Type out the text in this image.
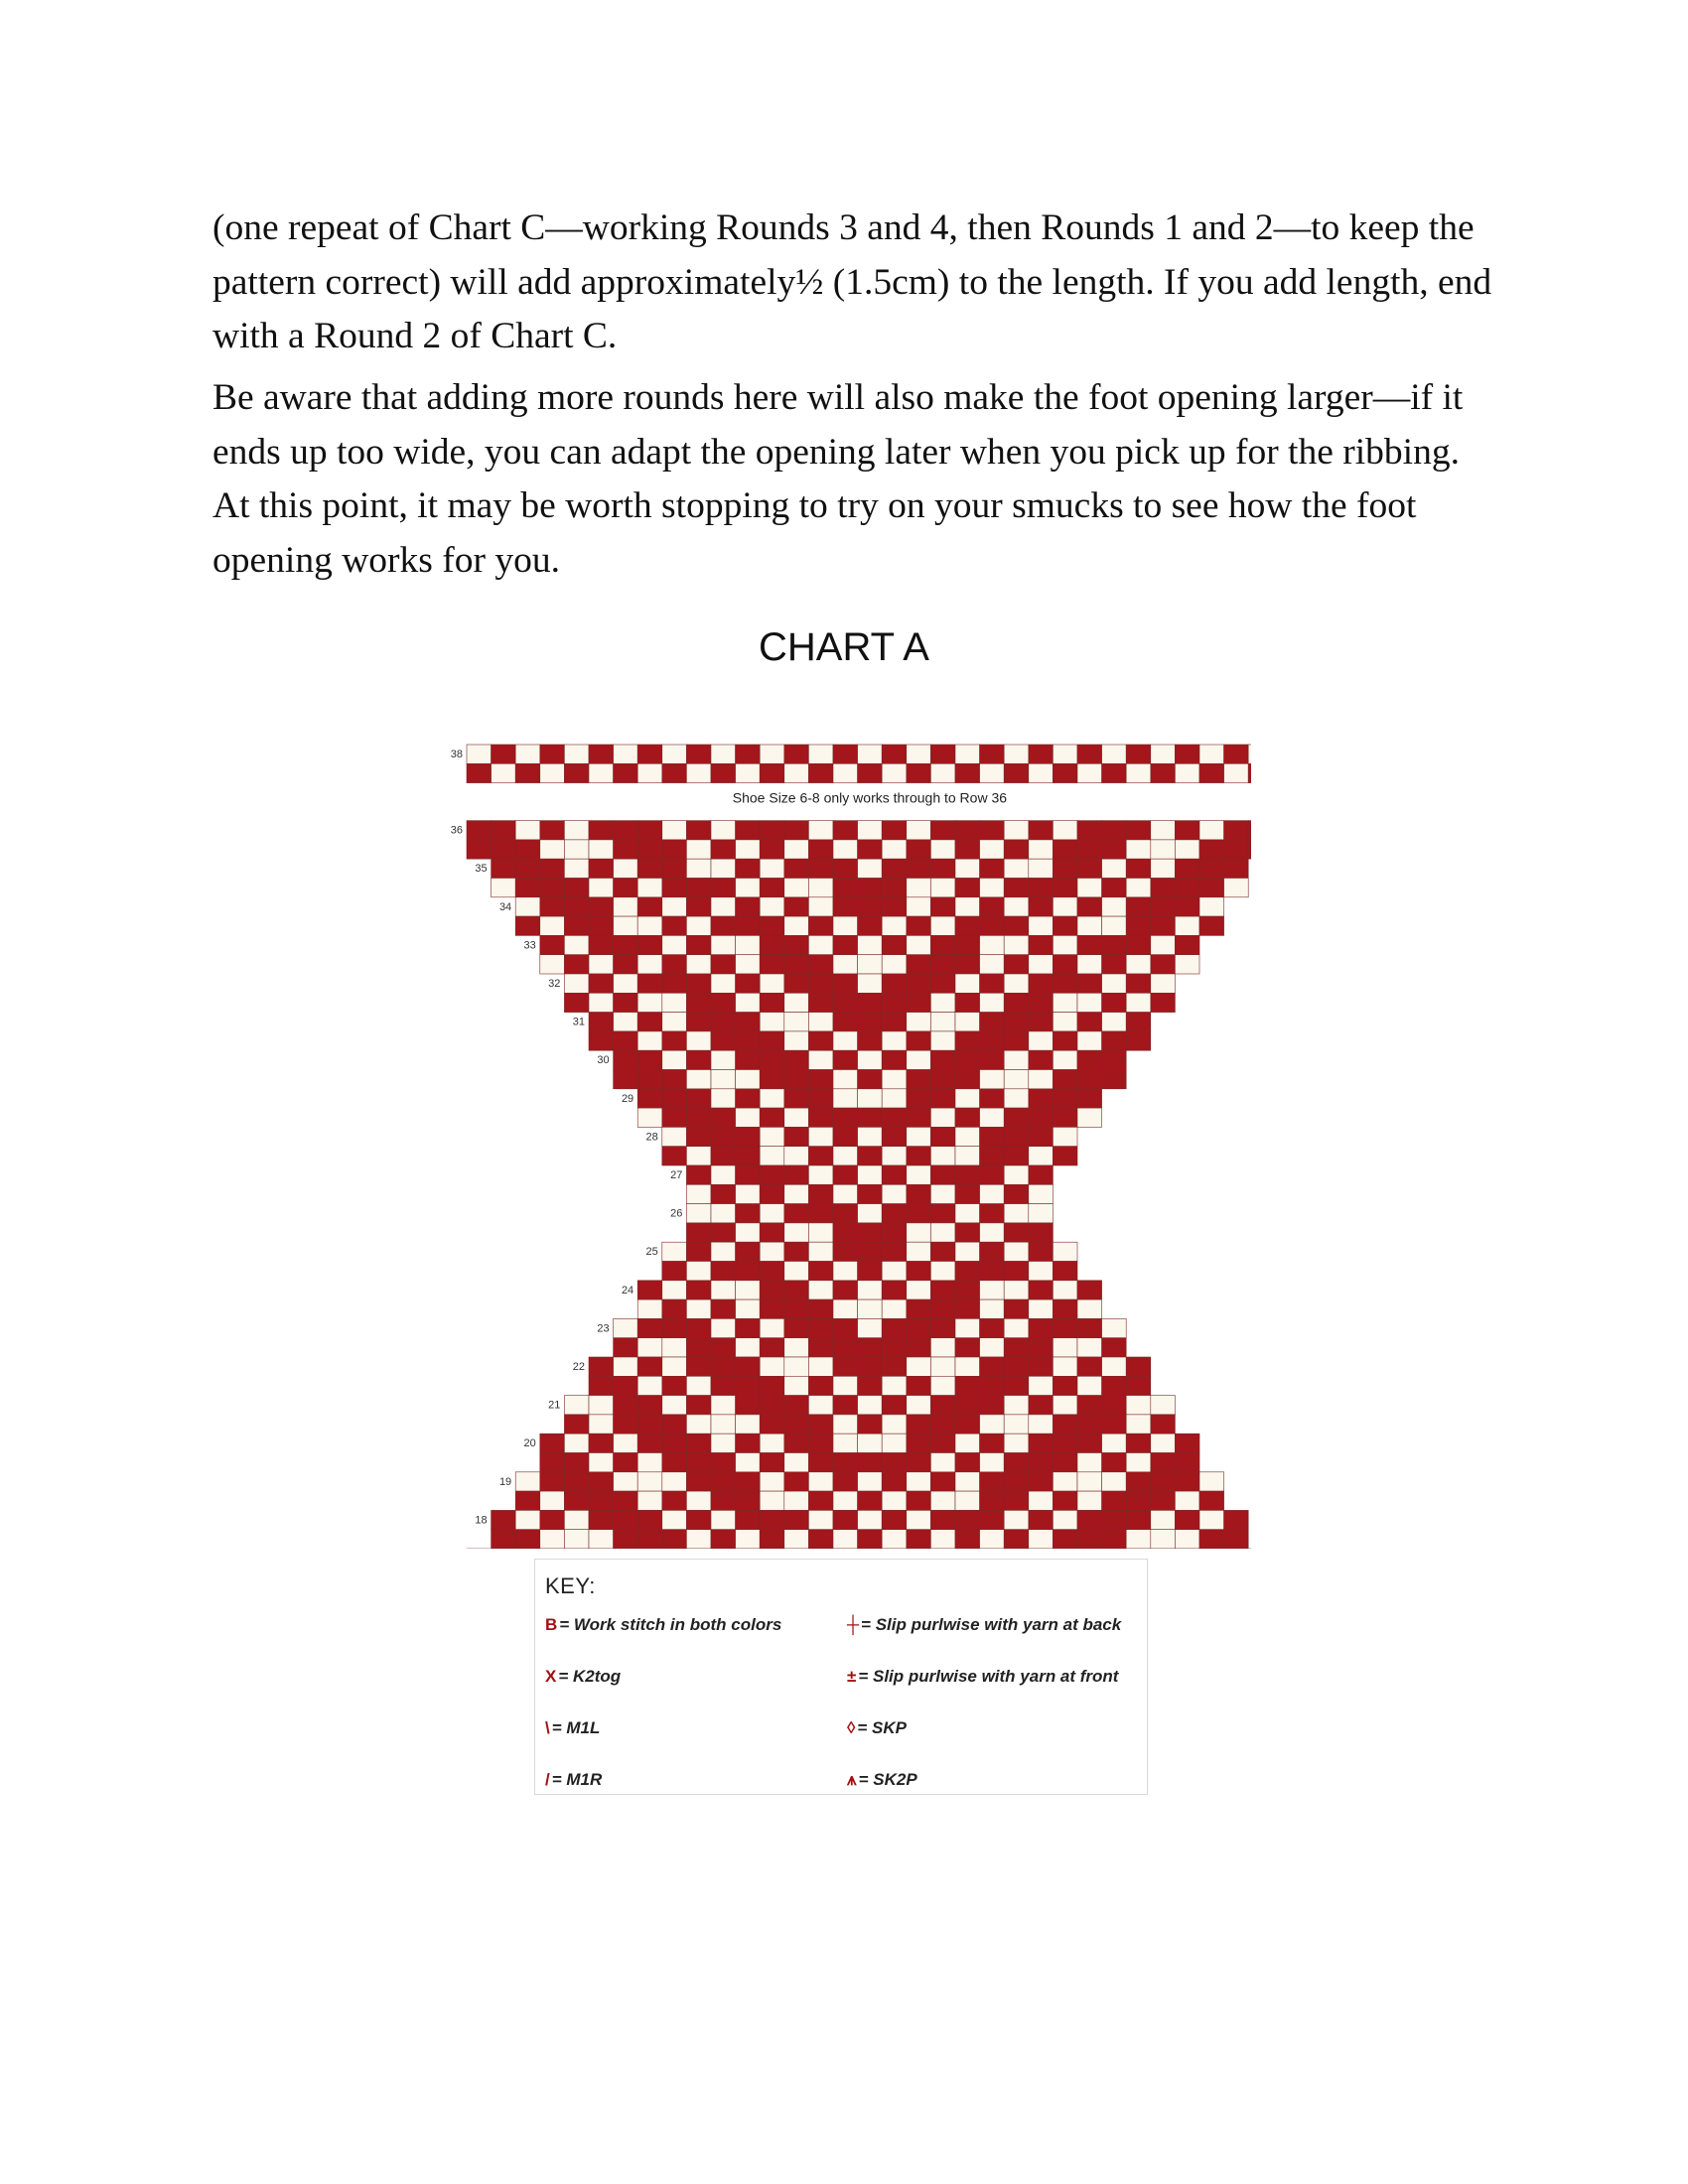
(one repeat of Chart C—working Rounds 3 and 4, then Rounds 1 and 2—to keep the pattern correct) will add approximately½ (1.5cm) to the length. If you add length, end with a Round 2 of Chart C.

Be aware that adding more rounds here will also make the foot opening larger—if it ends up too wide, you can adapt the opening later when you pick up for the ribbing. At this point, it may be worth stopping to try on your smucks to see how the foot opening works for you.

CHART A
Shoe Size 6-8 only works through to Row 36
38
36
35
34
33
32
31
30
29
28
27
26
25
24
23
22
21
20
19
18
KEY:
B = Work stitch in both colors
X = K2tog
\ = M1L
/ = M1R
┼ = Slip purlwise with yarn at back
± = Slip purlwise with yarn at front
◊ = SKP
⩚ = SK2P
